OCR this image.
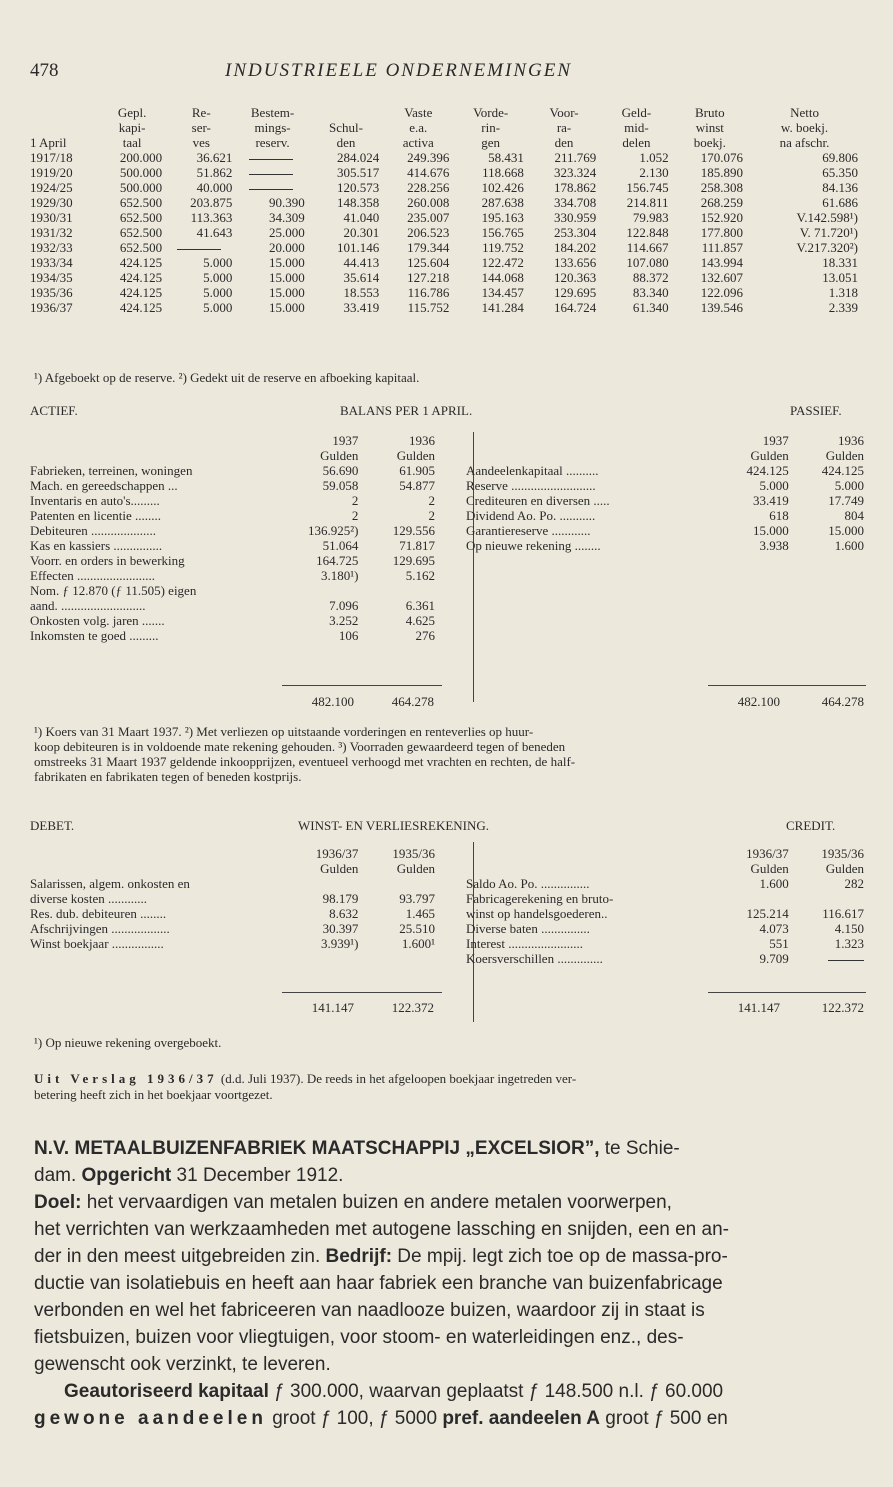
478	INDUSTRIEELE ONDERNEMINGEN
	Gepl.	Re-	Bestem-		Vaste	Vorde-	Voor-	Geld-	Bruto	Netto
	kapi-	ser-	mings-	Schul-	e.a.	rin-	ra-	mid-	winst	w. boekj.
1 April	taal	ves	reserv.	den	activa	gen	den	delen	boekj.	na afschr.
1917/18	200.000	36.621		284.024	249.396	58.431	211.769	1.052	170.076	69.806
1919/20	500.000	51.862		305.517	414.676	118.668	323.324	2.130	185.890	65.350
1924/25	500.000	40.000		120.573	228.256	102.426	178.862	156.745	258.308	84.136
1929/30	652.500	203.875	90.390	148.358	260.008	287.638	334.708	214.811	268.259	61.686
1930/31	652.500	113.363	34.309	41.040	235.007	195.163	330.959	79.983	152.920	V.142.598¹)
1931/32	652.500	41.643	25.000	20.301	206.523	156.765	253.304	122.848	177.800	V. 71.720¹)
1932/33	652.500		20.000	101.146	179.344	119.752	184.202	114.667	111.857	V.217.320²)
1933/34	424.125	5.000	15.000	44.413	125.604	122.472	133.656	107.080	143.994	18.331
1934/35	424.125	5.000	15.000	35.614	127.218	144.068	120.363	88.372	132.607	13.051
1935/36	424.125	5.000	15.000	18.553	116.786	134.457	129.695	83.340	122.096	1.318
1936/37	424.125	5.000	15.000	33.419	115.752	141.284	164.724	61.340	139.546	2.339
¹) Afgeboekt op de reserve. ²) Gedekt uit de reserve en afboeking kapitaal.
ACTIEF.	BALANS PER 1 APRIL.	PASSIEF.
	1937	1936
	Gulden	Gulden
Fabrieken, terreinen, woningen	56.690	61.905
Mach. en gereedschappen ...	59.058	54.877
Inventaris en auto's.........	2	2
Patenten en licentie ........	2	2
Debiteuren ....................	136.925²)	129.556
Kas en kassiers ...............	51.064	71.817
Voorr. en orders in bewerking	164.725	129.695
Effecten ........................	3.180¹)	5.162
Nom. ƒ 12.870 (ƒ 11.505) eigen		
aand. ..........................	7.096	6.361
Onkosten volg. jaren .......	3.252	4.625
Inkomsten te goed .........	106	276
	1937	1936
	Gulden	Gulden
Aandeelenkapitaal ..........	424.125	424.125
Reserve ..........................	5.000	5.000
Crediteuren en diversen .....	33.419	17.749
Dividend Ao. Po. ...........	618	804
Garantiereserve ............	15.000	15.000
Op nieuwe rekening ........	3.938	1.600
482.100	464.278	482.100	464.278
¹) Koers van 31 Maart 1937. ²) Met verliezen op uitstaande vorderingen en renteverlies op huur-
koop debiteuren is in voldoende mate rekening gehouden. ³) Voorraden gewaardeerd tegen of beneden
omstreeks 31 Maart 1937 geldende inkoopprijzen, eventueel verhoogd met vrachten en rechten, de half-
fabrikaten en fabrikaten tegen of beneden kostprijs.
DEBET.	WINST- EN VERLIESREKENING.	CREDIT.
	1936/37	1935/36
	Gulden	Gulden
Salarissen, algem. onkosten en		
diverse kosten ............	98.179	93.797
Res. dub. debiteuren ........	8.632	1.465
Afschrijvingen ..................	30.397	25.510
Winst boekjaar ................	3.939¹)	1.600¹
	1936/37	1935/36
	Gulden	Gulden
Saldo Ao. Po. ...............	1.600	282
Fabricagerekening en bruto-		
winst op handelsgoederen..	125.214	116.617
Diverse baten ...............	4.073	4.150
Interest .......................	551	1.323
Koersverschillen ..............	9.709	
141.147	122.372	141.147	122.372
¹) Op nieuwe rekening overgeboekt.
Uit Verslag 1936/37 (d.d. Juli 1937). De reeds in het afgeloopen boekjaar ingetreden ver-
betering heeft zich in het boekjaar voortgezet.
N.V. METAALBUIZENFABRIEK MAATSCHAPPIJ „EXCELSIOR”, te Schie-
dam. Opgericht 31 December 1912.
Doel: het vervaardigen van metalen buizen en andere metalen voorwerpen,
het verrichten van werkzaamheden met autogene lassching en snijden, een en an-
der in den meest uitgebreiden zin. Bedrijf: De mpij. legt zich toe op de massa-pro-
ductie van isolatiebuis en heeft aan haar fabriek een branche van buizenfabricage
verbonden en wel het fabriceeren van naadlooze buizen, waardoor zij in staat is
fietsbuizen, buizen voor vliegtuigen, voor stoom- en waterleidingen enz., des-
gewenscht ook verzinkt, te leveren.
Geautoriseerd kapitaal ƒ 300.000, waarvan geplaatst ƒ 148.500 n.l. ƒ 60.000
gewone aandeelen groot ƒ 100, ƒ 5000 pref. aandeelen A groot ƒ 500 en
